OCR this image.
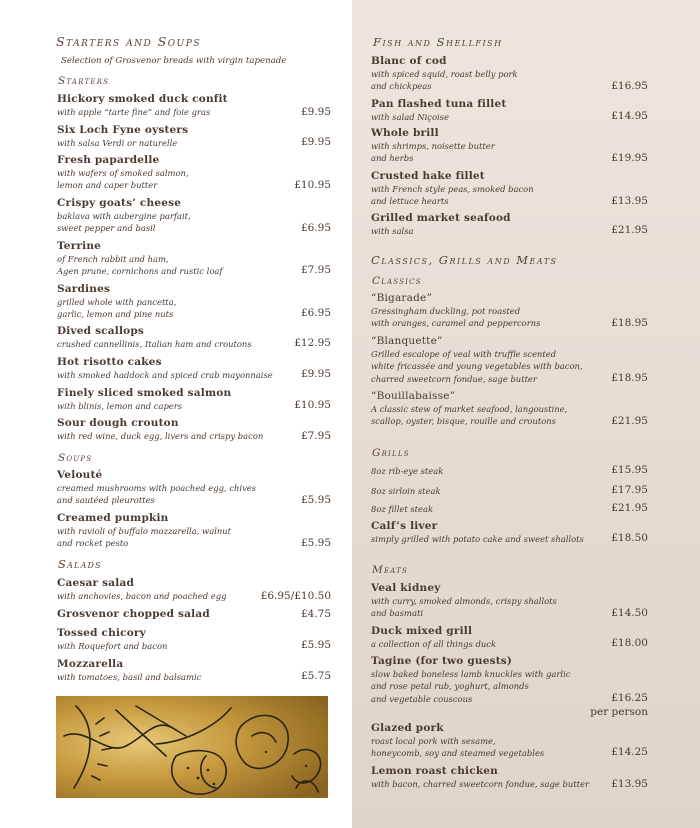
Starters and Soups
Selection of Grosvenor breads with virgin tapenade
Starters
Hickory smoked duck confit
with apple “tarte fine” and foie gras	£9.95
Six Loch Fyne oysters
with salsa Verdi or naturelle	£9.95
Fresh papardelle
with wafers of smoked salmon,
lemon and caper butter	£10.95
Crispy goats’ cheese
baklava with aubergine parfait,
sweet pepper and basil	£6.95
Terrine
of French rabbit and ham,
Agen prune, cornichons and rustic loaf	£7.95
Sardines
grilled whole with pancetta,
garlic, lemon and pine nuts	£6.95
Dived scallops
crushed cannellinis, Italian ham and croutons	£12.95
Hot risotto cakes
with smoked haddock and spiced crab mayonnaise	£9.95
Finely sliced smoked salmon
with blinis, lemon and capers	£10.95
Sour dough crouton
with red wine, duck egg, livers and crispy bacon	£7.95
Soups
Velouté
creamed mushrooms with poached egg, chives
and sautéed pleurottes	£5.95
Creamed pumpkin
with ravioli of buffalo mozzarella, walnut
and rocket pesto	£5.95
Salads
Caesar salad
with anchovies, bacon and poached egg	£6.95/£10.50
Grosvenor chopped salad	£4.75
Tossed chicory
with Roquefort and bacon	£5.95
Mozzarella
with tomatoes, basil and balsamic	£5.75
Fish and Shellfish
Blanc of cod
with spiced squid, roast belly pork
and chickpeas	£16.95
Pan flashed tuna fillet
with salad Niçoise	£14.95
Whole brill
with shrimps, noisette butter
and herbs	£19.95
Crusted hake fillet
with French style peas, smoked bacon
and lettuce hearts	£13.95
Grilled market seafood
with salsa	£21.95
Classics, Grills and Meats
Classics
“Bigarade”
Gressingham duckling, pot roasted
with oranges, caramel and peppercorns	£18.95
“Blanquette”
Grilled escalope of veal with truffle scented
white fricassée and young vegetables with bacon,
charred sweetcorn fondue, sage butter	£18.95
“Bouillabaisse”
A classic stew of market seafood, langoustine,
scallop, oyster, bisque, rouille and croutons	£21.95
Grills
8oz rib-eye steak	£15.95
8oz sirloin steak	£17.95
8oz fillet steak	£21.95
Calf’s liver
simply grilled with potato cake and sweet shallots	£18.50
Meats
Veal kidney
with curry, smoked almonds, crispy shallots
and basmati	£14.50
Duck mixed grill
a collection of all things duck	£18.00
Tagine (for two guests)
slow baked boneless lamb knuckles with garlic
and rose petal rub, yoghurt, almonds
and vegetable couscous	£16.25
per person
Glazed pork
roast local pork with sesame,
honeycomb, soy and steamed vegetables	£14.25
Lemon roast chicken
with bacon, charred sweetcorn fondue, sage butter £13.95
